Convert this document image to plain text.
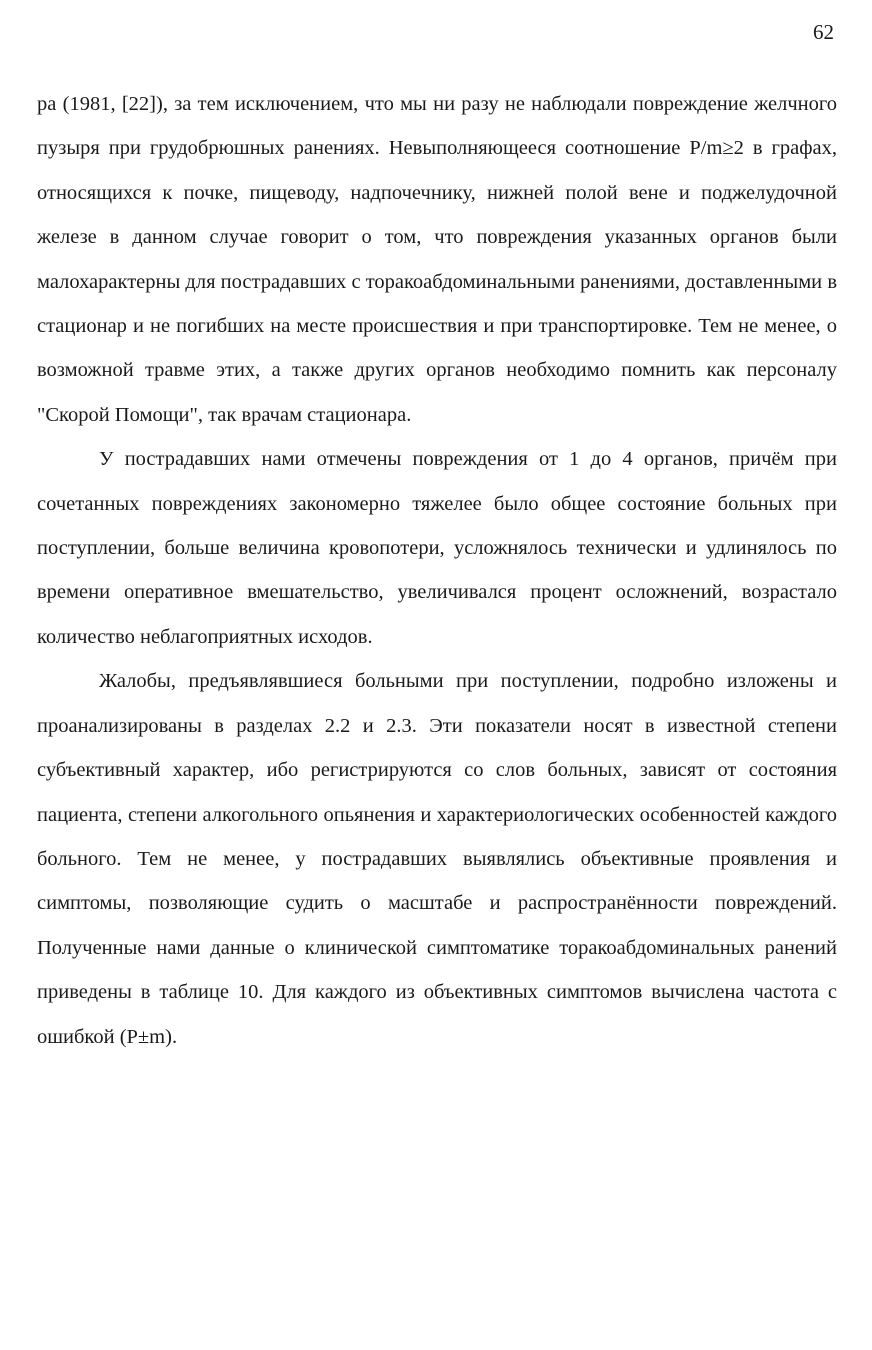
62

ра (1981, [22]), за тем исключением, что мы ни разу не наблюдали повреждение желчного пузыря при грудобрюшных ранениях. Невыполняющееся соотношение P/m≥2 в графах, относящихся к почке, пищеводу, надпочечнику, нижней полой вене и поджелудочной железе в данном случае говорит о том, что повреждения указанных органов были малохарактерны для пострадавших с торакоабдоминальными ранениями, доставленными в стационар и не погибших на месте происшествия и при транспортировке. Тем не менее, о возможной травме этих, а также других органов необходимо помнить как персоналу "Скорой Помощи", так врачам стационара.

У пострадавших нами отмечены повреждения от 1 до 4 органов, причём при сочетанных повреждениях закономерно тяжелее было общее состояние больных при поступлении, больше величина кровопотери, усложнялось технически и удлинялось по времени оперативное вмешательство, увеличивался процент осложнений, возрастало количество неблагоприятных исходов.

Жалобы, предъявлявшиеся больными при поступлении, подробно изложены и проанализированы в разделах 2.2 и 2.3. Эти показатели носят в известной степени субъективный характер, ибо регистрируются со слов больных, зависят от состояния пациента, степени алкогольного опьянения и характериологических особенностей каждого больного. Тем не менее, у пострадавших выявлялись объективные проявления и симптомы, позволяющие судить о масштабе и распространённости повреждений. Полученные нами данные о клинической симптоматике торакоабдоминальных ранений приведены в таблице 10. Для каждого из объективных симптомов вычислена частота с ошибкой (P±m).
